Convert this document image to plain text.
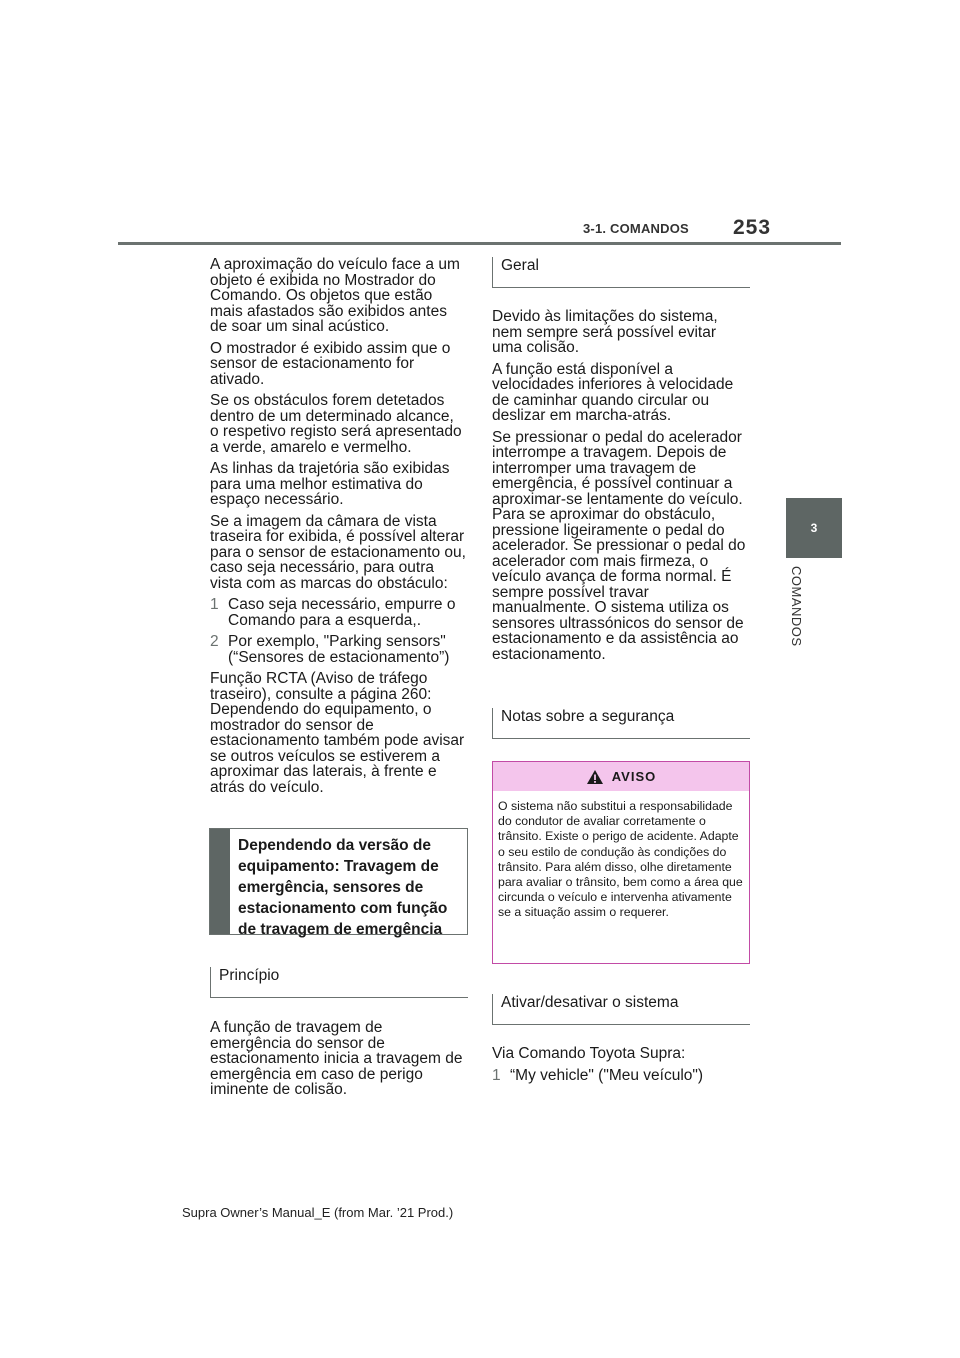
3-1. COMANDOS 253
3
COMANDOS

A aproximação do veículo face a um objeto é exibida no Mostrador do Comando. Os objetos que estão mais afastados são exibidos antes de soar um sinal acústico.

O mostrador é exibido assim que o sensor de estacionamento for ativado.

Se os obstáculos forem detetados dentro de um determinado alcance, o respetivo registo será apresentado a verde, amarelo e vermelho.

As linhas da trajetória são exibidas para uma melhor estimativa do espaço necessário.

Se a imagem da câmara de vista traseira for exibida, é possível alterar para o sensor de estacionamento ou, caso seja necessário, para outra vista com as marcas do obstáculo:

1 Caso seja necessário, empurre o Comando para a esquerda,.
2 Por exemplo, "Parking sensors" (“Sensores de estacionamento”)

Função RCTA (Aviso de tráfego traseiro), consulte a página 260: Dependendo do equipamento, o mostrador do sensor de estacionamento também pode avisar se outros veículos se estiverem a aproximar das laterais, à frente e atrás do veículo.

Dependendo da versão de equipamento: Travagem de emergência, sensores de estacionamento com função de travagem de emergência
Princípio

A função de travagem de emergência do sensor de estacionamento inicia a travagem de emergência em caso de perigo iminente de colisão.

Geral

Devido às limitações do sistema, nem sempre será possível evitar uma colisão.

A função está disponível a velocidades inferiores à velocidade de caminhar quando circular ou deslizar em marcha-atrás.

Se pressionar o pedal do acelerador interrompe a travagem. Depois de interromper uma travagem de emergência, é possível continuar a aproximar-se lentamente do veículo. Para se aproximar do obstáculo, pressione ligeiramente o pedal do acelerador. Se pressionar o pedal do acelerador com mais firmeza, o veículo avança de forma normal. É sempre possível travar manualmente. O sistema utiliza os sensores ultrassónicos do sensor de estacionamento e da assistência ao estacionamento.

Notas sobre a segurança
AVISO
O sistema não substitui a responsabilidade do condutor de avaliar corretamente o trânsito. Existe o perigo de acidente. Adapte o seu estilo de condução às condições do trânsito. Para além disso, olhe diretamente para avaliar o trânsito, bem como a área que circunda o veículo e intervenha ativamente se a situação assim o requerer.
Ativar/desativar o sistema

Via Comando Toyota Supra:

1 “My vehicle" ("Meu veículo")
Supra Owner’s Manual_E (from Mar. ’21 Prod.)
